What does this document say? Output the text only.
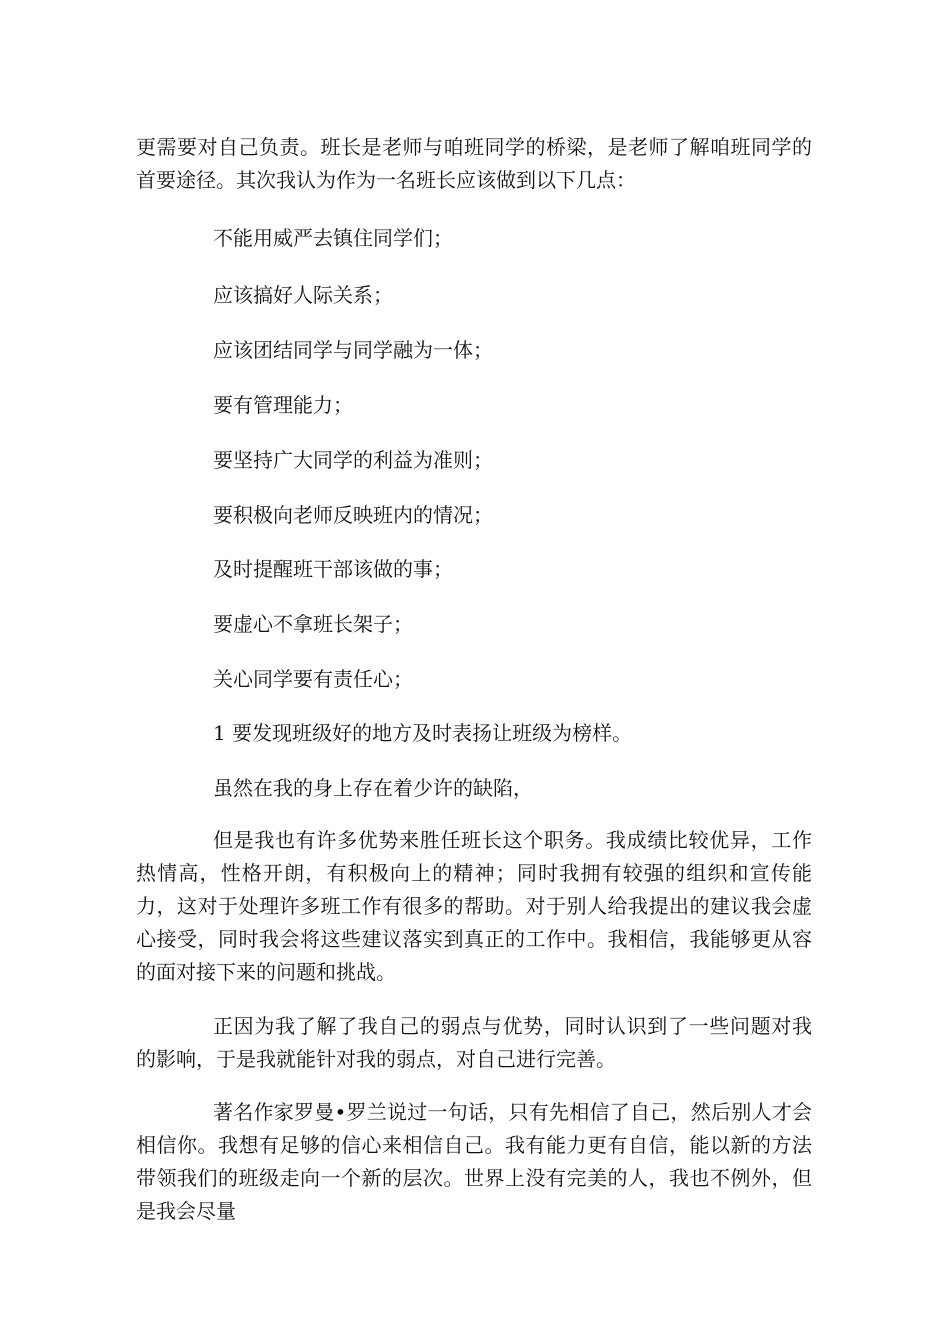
更需要对自己负责。班长是老师与咱班同学的桥梁，是老师了解咱班同学的首要途径。其次我认为作为一名班长应该做到以下几点：

不能用威严去镇住同学们；

应该搞好人际关系；

应该团结同学与同学融为一体；

要有管理能力；

要坚持广大同学的利益为准则；

要积极向老师反映班内的情况；

及时提醒班干部该做的事；

要虚心不拿班长架子；

关心同学要有责任心；

1 要发现班级好的地方及时表扬让班级为榜样。

虽然在我的身上存在着少许的缺陷，

但是我也有许多优势来胜任班长这个职务。我成绩比较优异，工作热情高，性格开朗，有积极向上的精神；同时我拥有较强的组织和宣传能力，这对于处理许多班工作有很多的帮助。对于别人给我提出的建议我会虚心接受，同时我会将这些建议落实到真正的工作中。我相信，我能够更从容的面对接下来的问题和挑战。

正因为我了解了我自己的弱点与优势，同时认识到了一些问题对我的影响，于是我就能针对我的弱点，对自己进行完善。

著名作家罗曼•罗兰说过一句话，只有先相信了自己，然后别人才会相信你。我想有足够的信心来相信自己。我有能力更有自信，能以新的方法带领我们的班级走向一个新的层次。世界上没有完美的人，我也不例外，但是我会尽量
